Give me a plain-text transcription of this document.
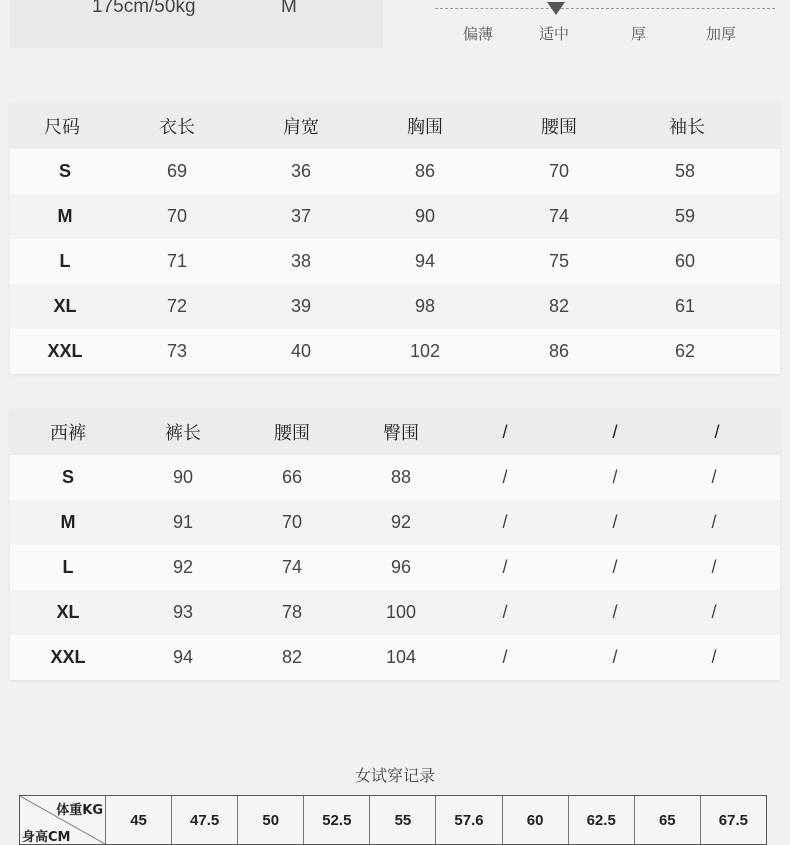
175cm/50kg	M
偏薄	适中	厚	加厚
尺码	衣长	肩宽	胸围	腰围	袖长
S	69	36	86	70	58
M	70	37	90	74	59
L	71	38	94	75	60
XL	72	39	98	82	61
XXL	73	40	102	86	62
西裤	裤长	腰围	臀围	/	/	/
S	90	66	88	/	/	/
M	91	70	92	/	/	/
L	92	74	96	/	/	/
XL	93	78	100	/	/	/
XXL	94	82	104	/	/	/
女试穿记录
体重KG
身高CM
45	47.5	50	52.5	55	57.6	60	62.5	65	67.5
